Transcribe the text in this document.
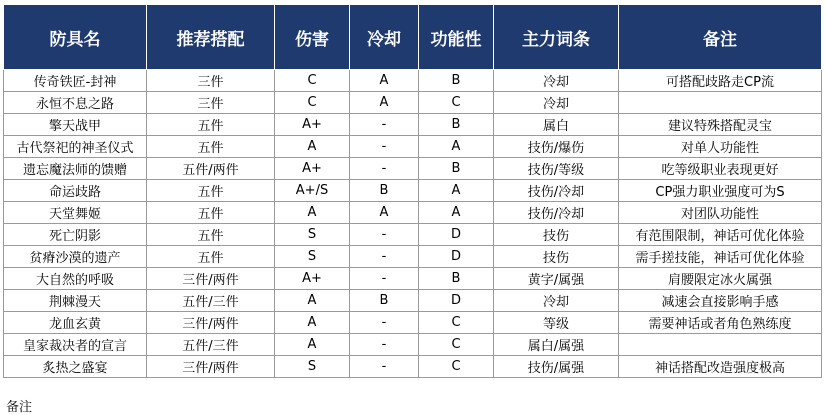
防具名	推荐搭配	伤害	冷却	功能性	主力词条	备注
传奇铁匠-封神	三件	C	A	B	冷却	可搭配歧路走CP流
永恒不息之路	三件	C	A	C	冷却	
擎天战甲	五件	A+	-	B	属白	建议特殊搭配灵宝
古代祭祀的神圣仪式	五件	A	-	A	技伤/爆伤	对单人功能性
遗忘魔法师的馈赠	五件/两件	A+	-	B	技伤/等级	吃等级职业表现更好
命运歧路	五件	A+/S	B	A	技伤/冷却	CP强力职业强度可为S
天堂舞姬	五件	A	A	A	技伤/冷却	对团队功能性
死亡阴影	五件	S	-	D	技伤	有范围限制，神话可优化体验
贫瘠沙漠的遗产	五件	S	-	D	技伤	需手搓技能，神话可优化体验
大自然的呼吸	三件/两件	A+	-	B	黄字/属强	肩腰限定冰火属强
荆棘漫天	五件/三件	A	B	D	冷却	减速会直接影响手感
龙血玄黄	三件/两件	A	-	C	等级	需要神话或者角色熟练度
皇家裁决者的宣言	五件/三件	A	-	C	属白/属强	
炙热之盛宴	三件/两件	S	-	C	技伤/属强	神话搭配改造强度极高
备注
